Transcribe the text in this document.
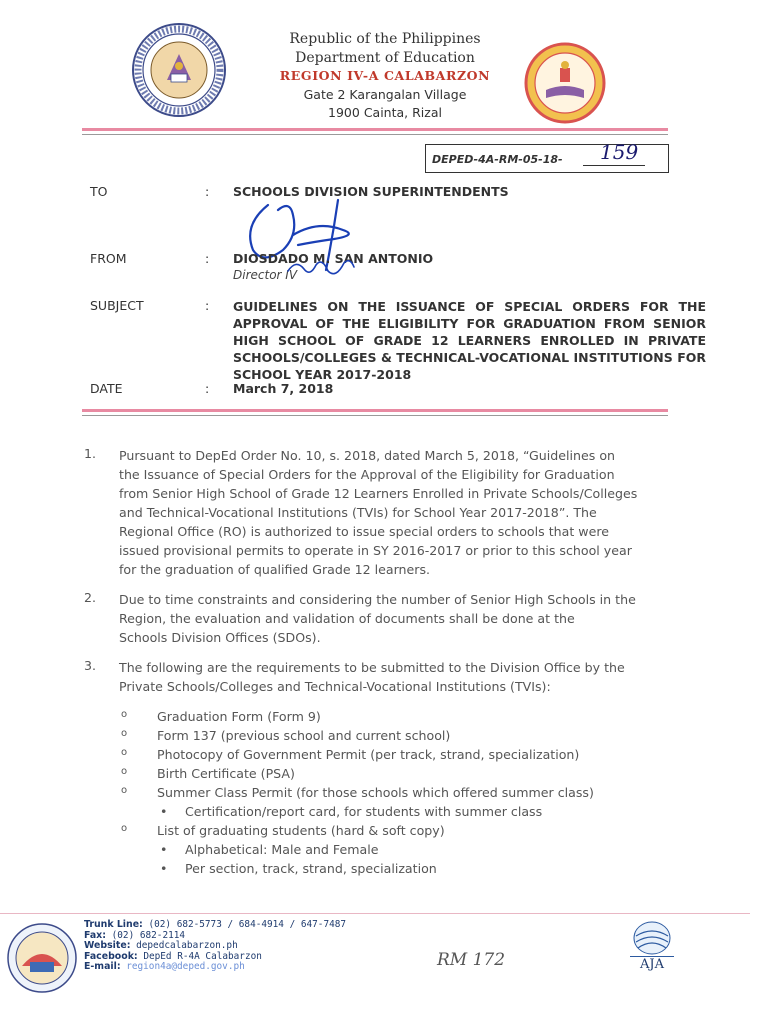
Republic of the Philippines
Department of Education
REGION IV-A CALABARZON
Gate 2 Karangalan Village
1900 Cainta, Rizal
DEPED-4A-RM-05-18- 159
TO	: SCHOOLS DIVISION SUPERINTENDENTS
FROM	: DIOSDADO M. SAN ANTONIO
Director IV
SUBJECT	: GUIDELINES ON THE ISSUANCE OF SPECIAL ORDERS FOR THE APPROVAL OF THE ELIGIBILITY FOR GRADUATION FROM SENIOR HIGH SCHOOL OF GRADE 12 LEARNERS ENROLLED IN PRIVATE SCHOOLS/COLLEGES & TECHNICAL-VOCATIONAL INSTITUTIONS FOR SCHOOL YEAR 2017-2018
DATE	: March 7, 2018
1. Pursuant to DepEd Order No. 10, s. 2018, dated March 5, 2018, “Guidelines on
the Issuance of Special Orders for the Approval of the Eligibility for Graduation
from Senior High School of Grade 12 Learners Enrolled in Private Schools/Colleges
and Technical-Vocational Institutions (TVIs) for School Year 2017-2018”. The
Regional Office (RO) is authorized to issue special orders to schools that were
issued provisional permits to operate in SY 2016-2017 or prior to this school year
for the graduation of qualified Grade 12 learners.
2. Due to time constraints and considering the number of Senior High Schools in the
Region, the evaluation and validation of documents shall be done at the
Schools Division Offices (SDOs).
3. The following are the requirements to be submitted to the Division Office by the
Private Schools/Colleges and Technical-Vocational Institutions (TVIs):
o Graduation Form (Form 9)
o Form 137 (previous school and current school)
o Photocopy of Government Permit (per track, strand, specialization)
o Birth Certificate (PSA)
o Summer Class Permit (for those schools which offered summer class)
• Certification/report card, for students with summer class
o List of graduating students (hard & soft copy)
• Alphabetical: Male and Female
• Per section, track, strand, specialization
Trunk Line: (02) 682-5773 / 684-4914 / 647-7487
Fax: (02) 682-2114
Website: depedcalabarzon.ph
Facebook: DepEd R-4A Calabarzon
E-mail: region4a@deped.gov.ph	RM 172	AJA
